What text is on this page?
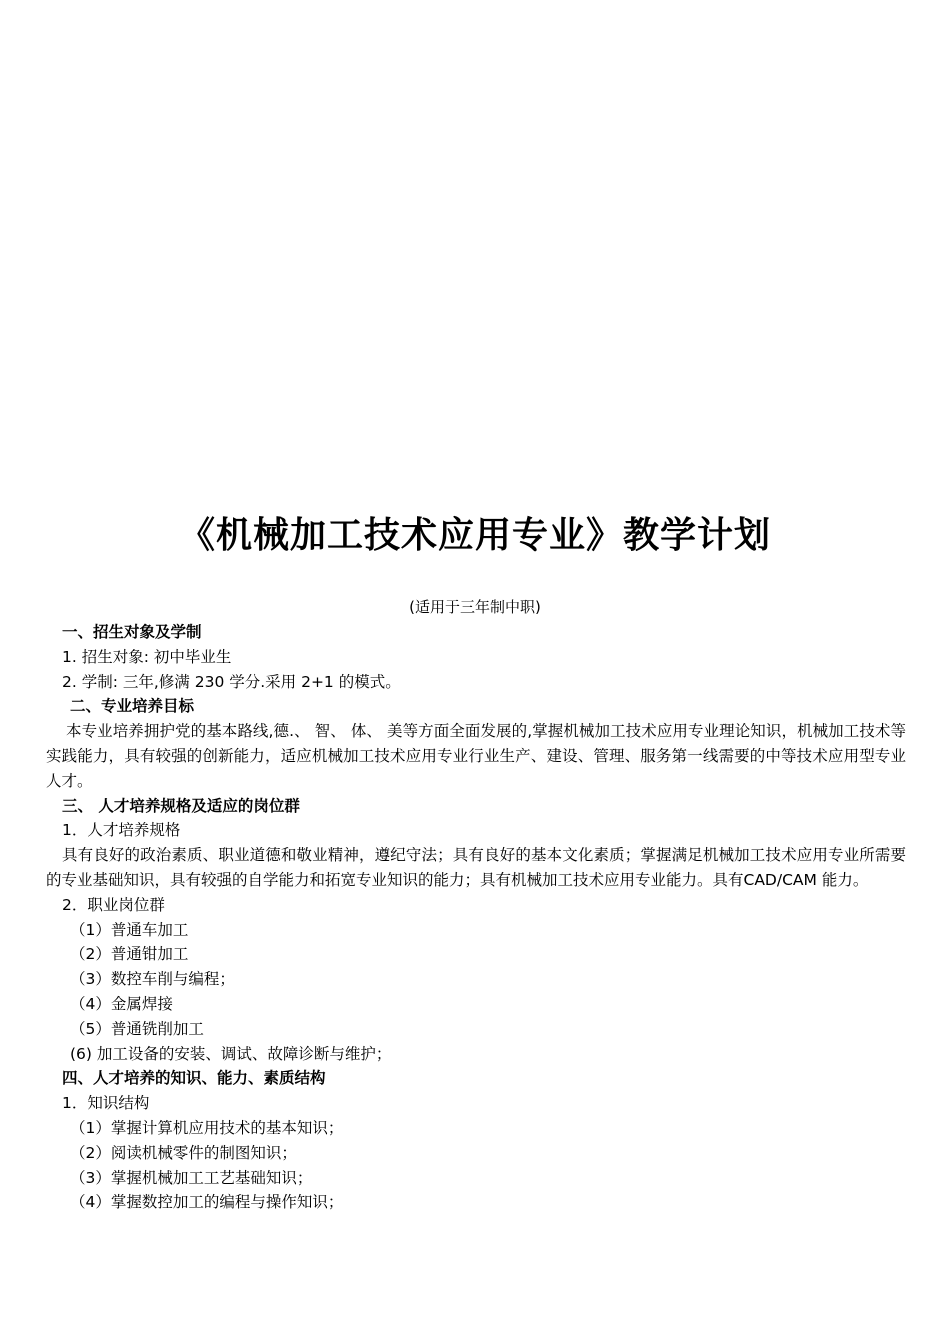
《机械加工技术应用专业》教学计划
(适用于三年制中职)

一、招生对象及学制

1. 招生对象: 初中毕业生

2. 学制: 三年,修满 230 学分.采用 2+1 的模式。

二、专业培养目标

本专业培养拥护党的基本路线,德.、 智、 体、 美等方面全面发展的,掌握机械加工技术应用专业理论知识，机械加工技术等实践能力，具有较强的创新能力，适应机械加工技术应用专业行业生产、建设、管理、服务第一线需要的中等技术应用型专业人才。

三、 人才培养规格及适应的岗位群

1．人才培养规格

具有良好的政治素质、职业道德和敬业精神，遵纪守法；具有良好的基本文化素质；掌握满足机械加工技术应用专业所需要的专业基础知识，具有较强的自学能力和拓宽专业知识的能力；具有机械加工技术应用专业能力。具有CAD/CAM 能力。

2．职业岗位群

（1）普通车加工

（2）普通钳加工

（3）数控车削与编程；

（4）金属焊接

（5）普通铣削加工

(6) 加工设备的安装、调试、故障诊断与维护；

四、人才培养的知识、能力、素质结构

1．知识结构

（1）掌握计算机应用技术的基本知识；

（2）阅读机械零件的制图知识；

（3）掌握机械加工工艺基础知识；

（4）掌握数控加工的编程与操作知识；
